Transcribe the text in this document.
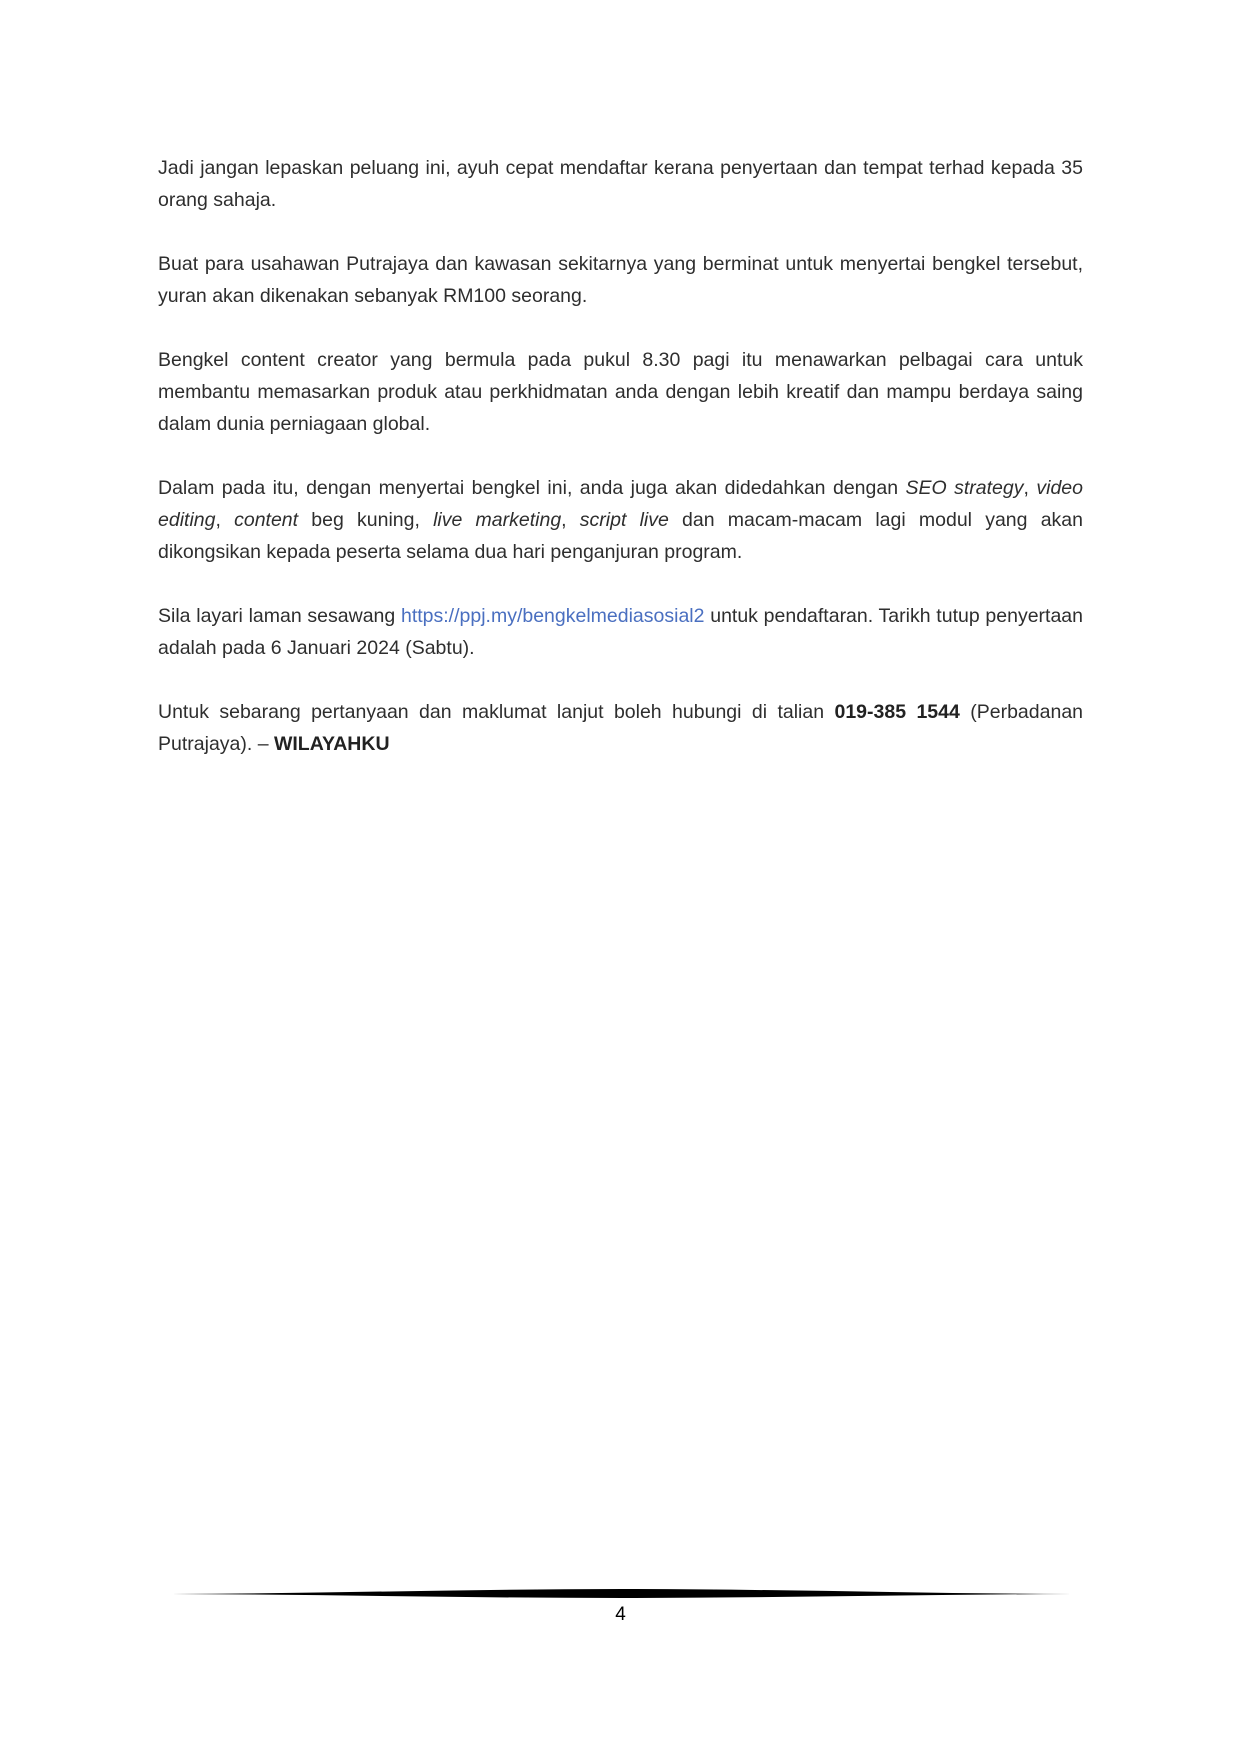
Jadi jangan lepaskan peluang ini, ayuh cepat mendaftar kerana penyertaan dan tempat terhad kepada 35 orang sahaja.

Buat para usahawan Putrajaya dan kawasan sekitarnya yang berminat untuk menyertai bengkel tersebut, yuran akan dikenakan sebanyak RM100 seorang.

Bengkel content creator yang bermula pada pukul 8.30 pagi itu menawarkan pelbagai cara untuk membantu memasarkan produk atau perkhidmatan anda dengan lebih kreatif dan mampu berdaya saing dalam dunia perniagaan global.

Dalam pada itu, dengan menyertai bengkel ini, anda juga akan didedahkan dengan SEO strategy, video editing, content beg kuning, live marketing, script live dan macam-macam lagi modul yang akan dikongsikan kepada peserta selama dua hari penganjuran program.

Sila layari laman sesawang https://ppj.my/bengkelmediasosial2 untuk pendaftaran. Tarikh tutup penyertaan adalah pada 6 Januari 2024 (Sabtu).

Untuk sebarang pertanyaan dan maklumat lanjut boleh hubungi di talian 019-385 1544 (Perbadanan Putrajaya). – WILAYAHKU

4
